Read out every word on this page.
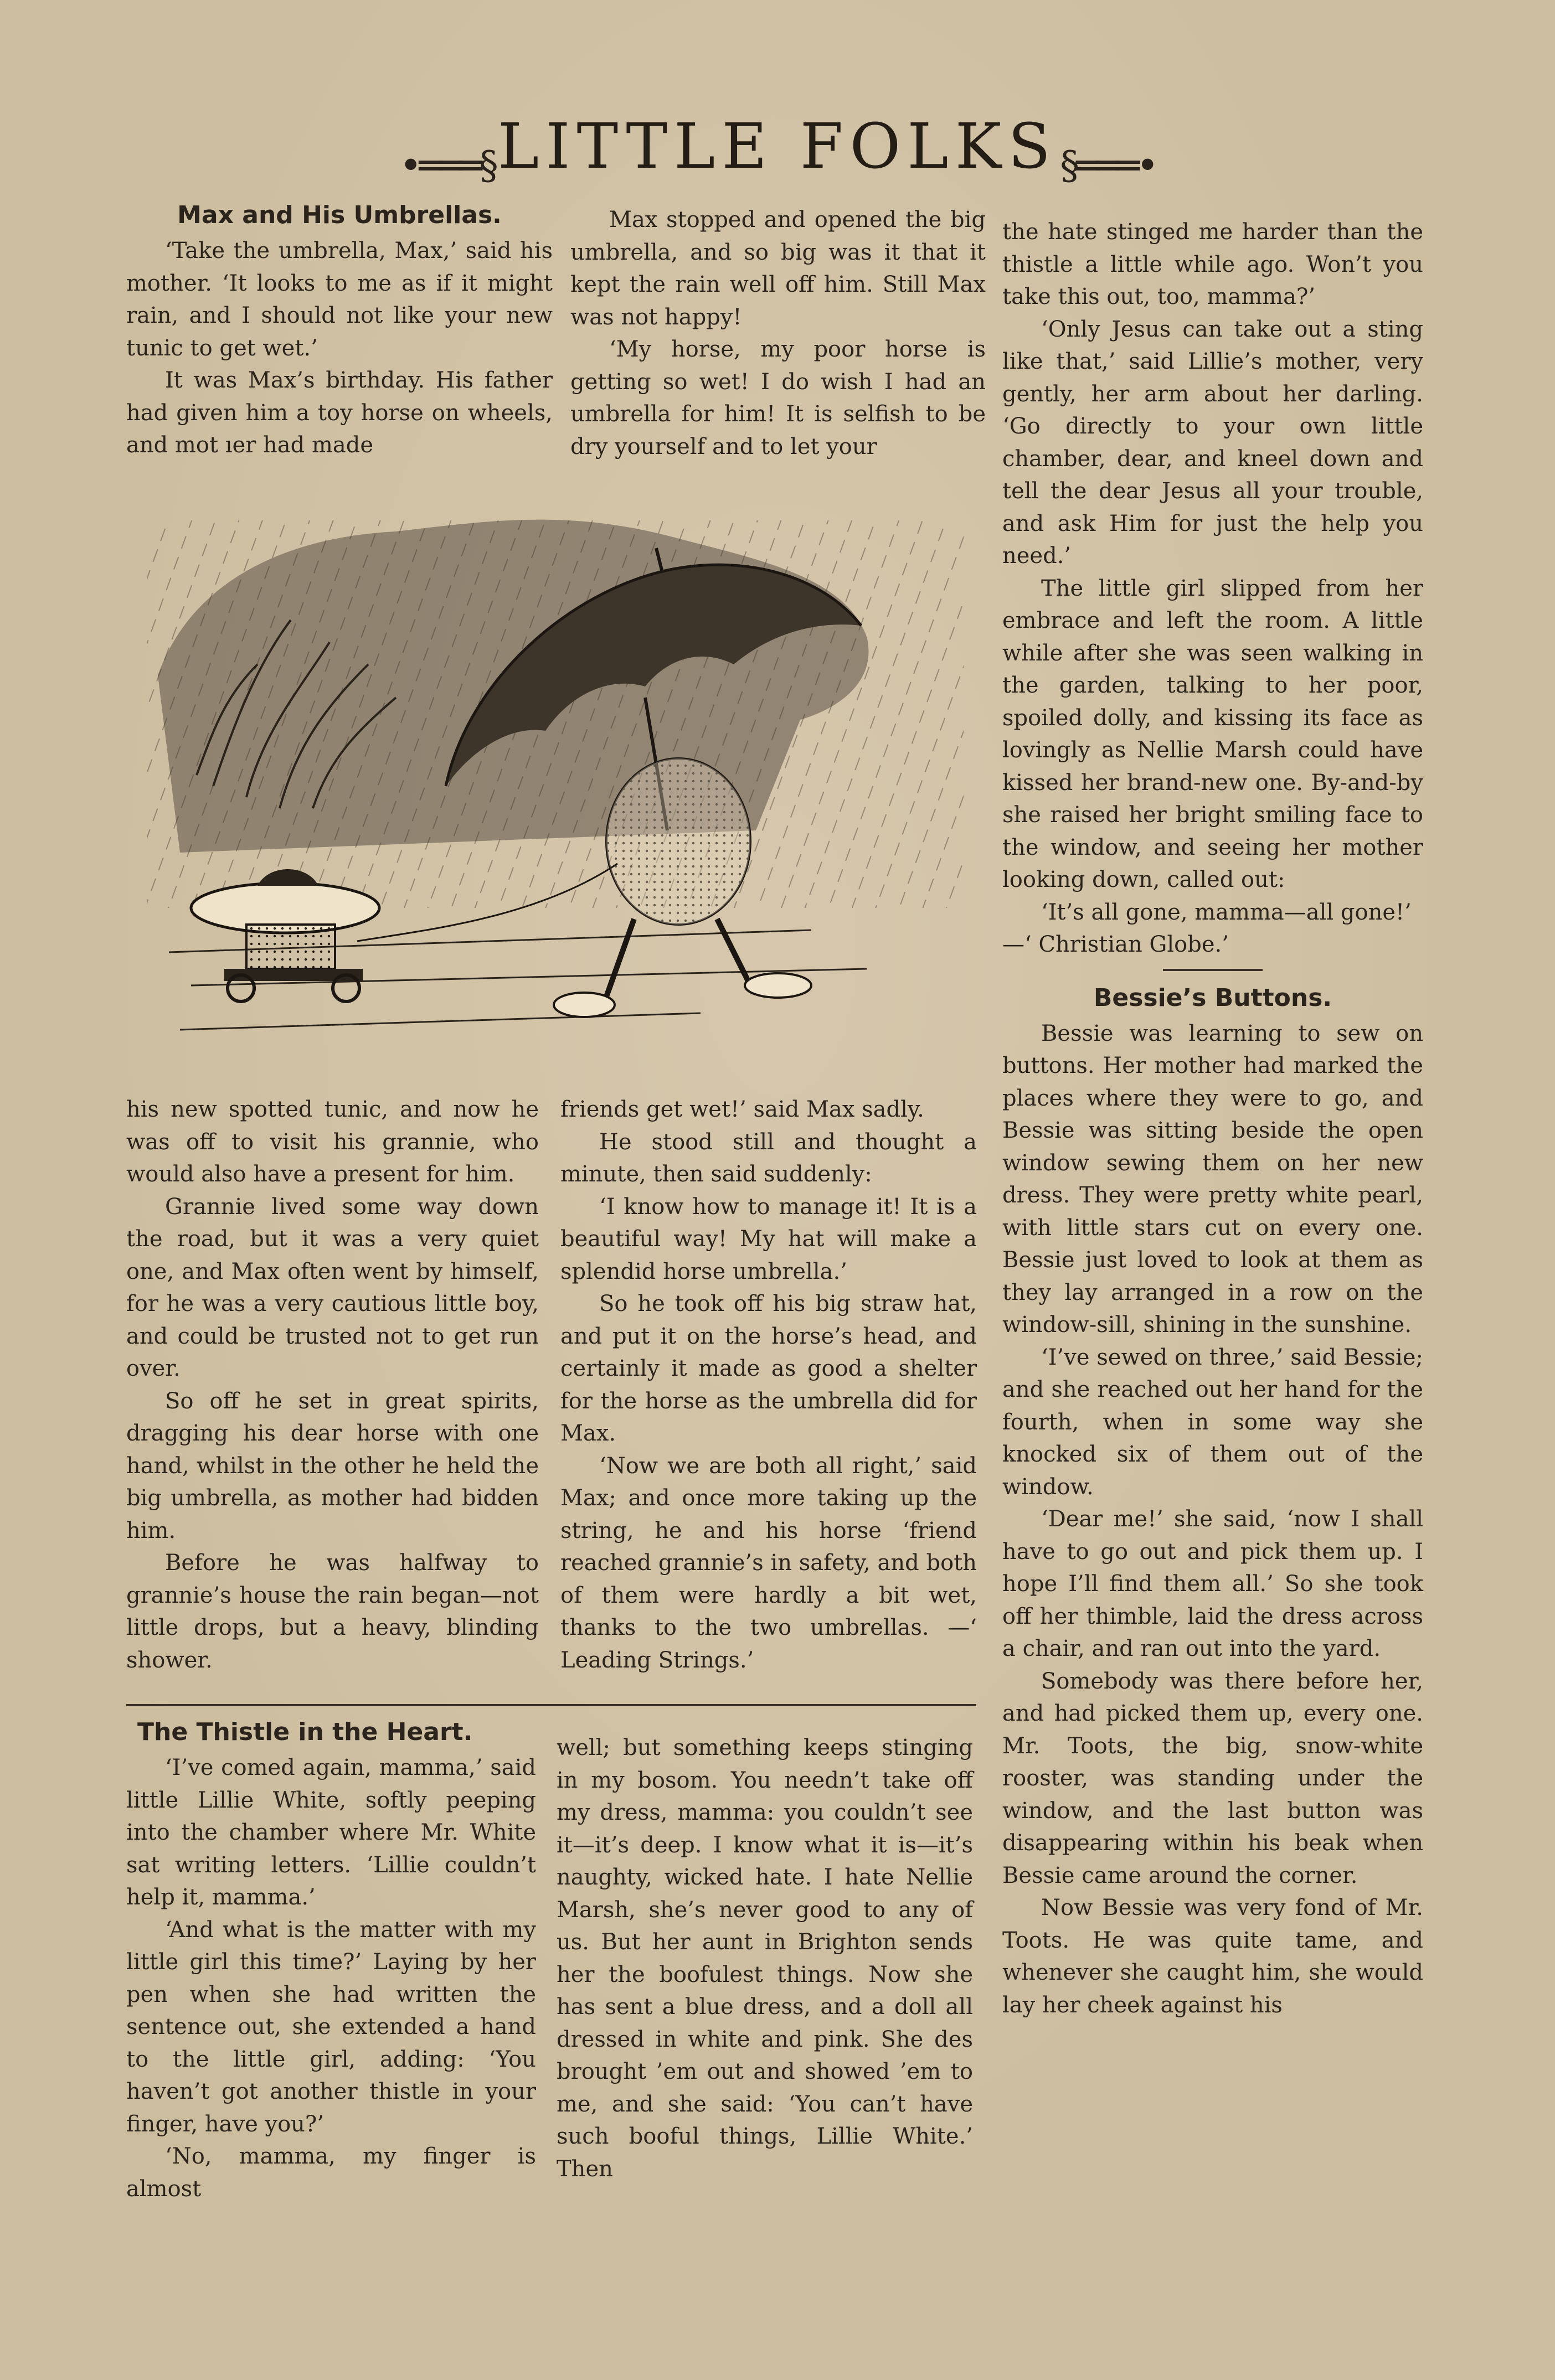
•═══§ LITTLE FOLKS §═══•
Max and His Umbrellas.

‘Take the umbrella, Max,’ said his mother. ‘It looks to me as if it might rain, and I should not like your new tunic to get wet.’

It was Max’s birthday. His father had given him a toy horse on wheels, and mot ıer had made

Max stopped and opened the big umbrella, and so big was it that it kept the rain well off him. Still Max was not happy!

‘My horse, my poor horse is getting so wet! I do wish I had an umbrella for him! It is selfish to be dry yourself and to let your

his new spotted tunic, and now he was off to visit his grannie, who would also have a present for him.

Grannie lived some way down the road, but it was a very quiet one, and Max often went by himself, for he was a very cautious little boy, and could be trusted not to get run over.

So off he set in great spirits, dragging his dear horse with one hand, whilst in the other he held the big umbrella, as mother had bidden him.

Before he was halfway to grannie’s house the rain began—not little drops, but a heavy, blinding shower.

friends get wet!’ said Max sadly.

He stood still and thought a minute, then said suddenly:

‘I know how to manage it! It is a beautiful way! My hat will make a splendid horse umbrella.’

So he took off his big straw hat, and put it on the horse’s head, and certainly it made as good a shelter for the horse as the umbrella did for Max.

‘Now we are both all right,’ said Max; and once more taking up the string, he and his horse ‘friend reached grannie’s in safety, and both of them were hardly a bit wet, thanks to the two umbrellas. —‘ Leading Strings.’

The Thistle in the Heart.

‘I’ve comed again, mamma,’ said little Lillie White, softly peeping into the chamber where Mr. White sat writing letters. ‘Lillie couldn’t help it, mamma.’

‘And what is the matter with my little girl this time?’ Laying by her pen when she had written the sentence out, she extended a hand to the little girl, adding: ‘You haven’t got another thistle in your finger, have you?’

‘No, mamma, my finger is almost

well; but something keeps stinging in my bosom. You needn’t take off my dress, mamma: you couldn’t see it—it’s deep. I know what it is—it’s naughty, wicked hate. I hate Nellie Marsh, she’s never good to any of us. But her aunt in Brighton sends her the boofulest things. Now she has sent a blue dress, and a doll all dressed in white and pink. She des brought ’em out and showed ’em to me, and she said: ‘You can’t have such booful things, Lillie White.’ Then

the hate stinged me harder than the thistle a little while ago. Won’t you take this out, too, mamma?’

‘Only Jesus can take out a sting like that,’ said Lillie’s mother, very gently, her arm about her darling. ‘Go directly to your own little chamber, dear, and kneel down and tell the dear Jesus all your trouble, and ask Him for just the help you need.’

The little girl slipped from her embrace and left the room. A little while after she was seen walking in the garden, talking to her poor, spoiled dolly, and kissing its face as lovingly as Nellie Marsh could have kissed her brand-new one. By-and-by she raised her bright smiling face to the window, and seeing her mother looking down, called out:

‘It’s all gone, mamma—all gone!’

—‘ Christian Globe.’
Bessie’s Buttons.

Bessie was learning to sew on buttons. Her mother had marked the places where they were to go, and Bessie was sitting beside the open window sewing them on her new dress. They were pretty white pearl, with little stars cut on every one. Bessie just loved to look at them as they lay arranged in a row on the window-sill, shining in the sunshine.

‘I’ve sewed on three,’ said Bessie; and she reached out her hand for the fourth, when in some way she knocked six of them out of the window.

‘Dear me!’ she said, ‘now I shall have to go out and pick them up. I hope I’ll find them all.’ So she took off her thimble, laid the dress across a chair, and ran out into the yard.

Somebody was there before her, and had picked them up, every one. Mr. Toots, the big, snow-white rooster, was standing under the window, and the last button was disappearing within his beak when Bessie came around the corner.

Now Bessie was very fond of Mr. Toots. He was quite tame, and whenever she caught him, she would lay her cheek against his
